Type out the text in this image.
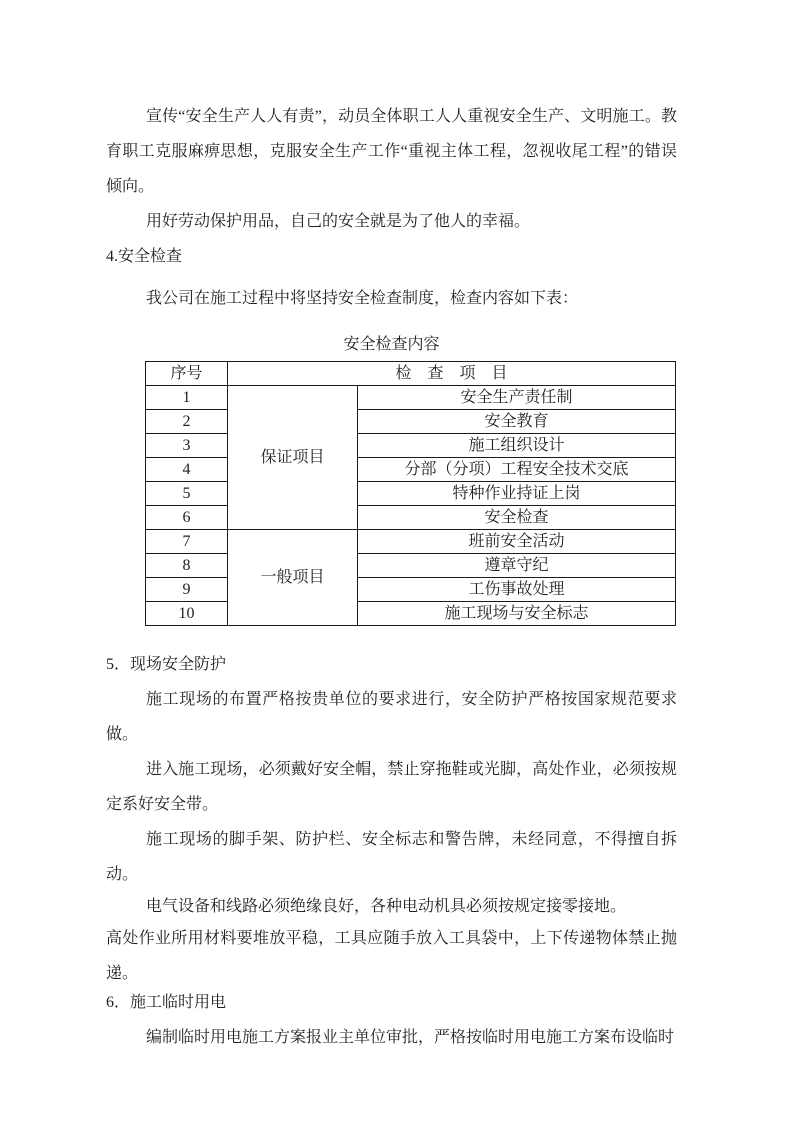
宣传“安全生产人人有责”，动员全体职工人人重视安全生产、文明施工。教育职工克服麻痹思想，克服安全生产工作“重视主体工程，忽视收尾工程”的错误倾向。

用好劳动保护用品，自己的安全就是为了他人的幸福。

4.安全检查

我公司在施工过程中将坚持安全检查制度，检查内容如下表：

安全检查内容
序号	检　查　项　目	
1	保证项目	安全生产责任制
2		安全教育
3		施工组织设计
4		分部（分项）工程安全技术交底
5		特种作业持证上岗
6		安全检查
7	一般项目	班前安全活动
8		遵章守纪
9		工伤事故处理
10		施工现场与安全标志
5．现场安全防护

施工现场的布置严格按贵单位的要求进行，安全防护严格按国家规范要求做。

进入施工现场，必须戴好安全帽，禁止穿拖鞋或光脚，高处作业，必须按规定系好安全带。

施工现场的脚手架、防护栏、安全标志和警告牌，未经同意，不得擅自拆动。

电气设备和线路必须绝缘良好，各种电动机具必须按规定接零接地。

高处作业所用材料要堆放平稳，工具应随手放入工具袋中，上下传递物体禁止抛递。

6．施工临时用电

编制临时用电施工方案报业主单位审批，严格按临时用电施工方案布设临时
